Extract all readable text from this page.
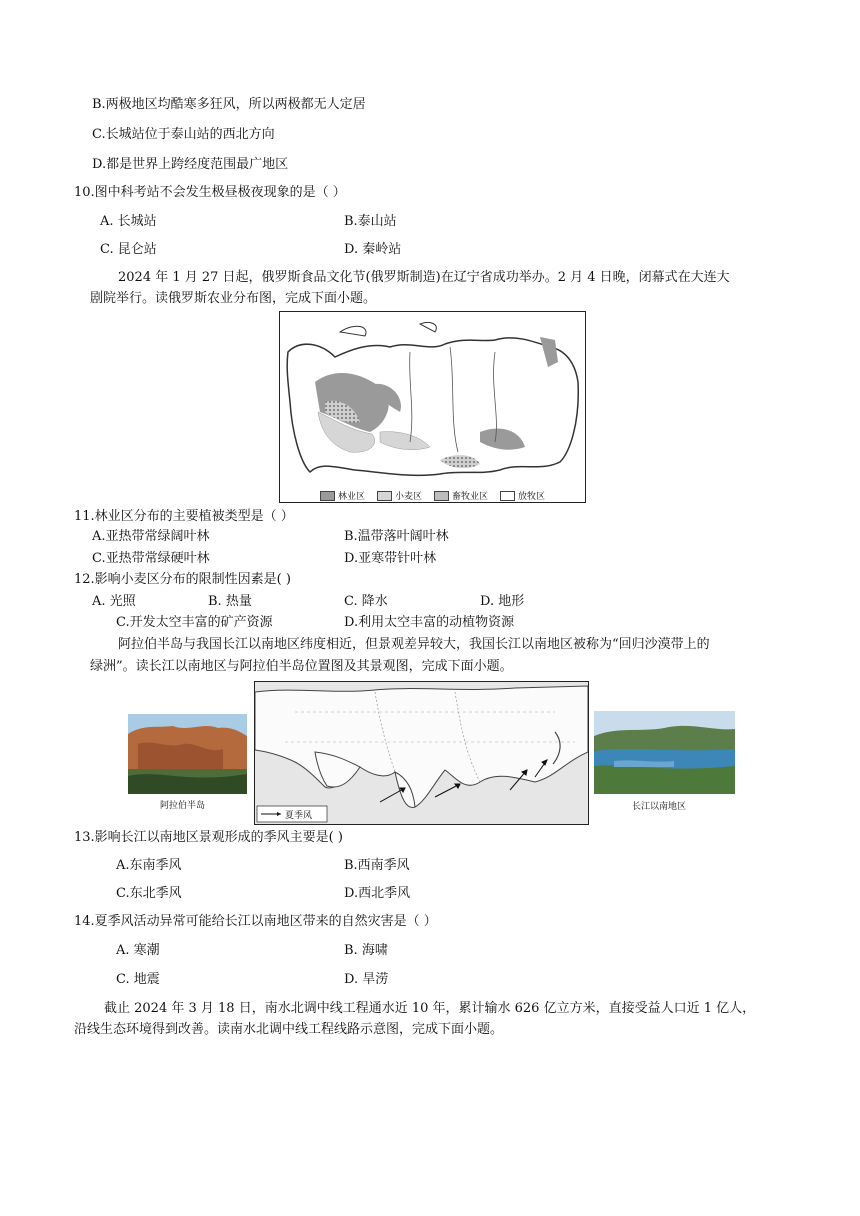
B.两极地区均酷寒多狂风，所以两极都无人定居
C.长城站位于泰山站的西北方向
D.都是世界上跨经度范围最广地区
10.图中科考站不会发生极昼极夜现象的是（ ）
A. 长城站	B.泰山站
C. 昆仑站	D. 秦岭站
2024 年 1 月 27 日起，俄罗斯食品文化节(俄罗斯制造)在辽宁省成功举办。2 月 4 日晚，闭幕式在大连大
剧院举行。读俄罗斯农业分布图，完成下面小题。
林业区	小麦区	畜牧业区	放牧区
11.林业区分布的主要植被类型是（ ）
A.亚热带常绿阔叶林	B.温带落叶阔叶林
C.亚热带常绿硬叶林	D.亚寒带针叶林
12.影响小麦区分布的限制性因素是( )
A. 光照	B. 热量	C. 降水	D. 地形
C.开发太空丰富的矿产资源	D.利用太空丰富的动植物资源
阿拉伯半岛与我国长江以南地区纬度相近，但景观差异较大，我国长江以南地区被称为“回归沙漠带上的
绿洲”。读长江以南地区与阿拉伯半岛位置图及其景观图，完成下面小题。
阿拉伯半岛
夏季风
长江以南地区
13.影响长江以南地区景观形成的季风主要是( )
A.东南季风	B.西南季风
C.东北季风	D.西北季风
14.夏季风活动异常可能给长江以南地区带来的自然灾害是（ ）
A. 寒潮	B. 海啸
C. 地震	D. 旱涝
截止 2024 年 3 月 18 日，南水北调中线工程通水近 10 年，累计输水 626 亿立方米，直接受益人口近 1 亿人，
沿线生态环境得到改善。读南水北调中线工程线路示意图，完成下面小题。
